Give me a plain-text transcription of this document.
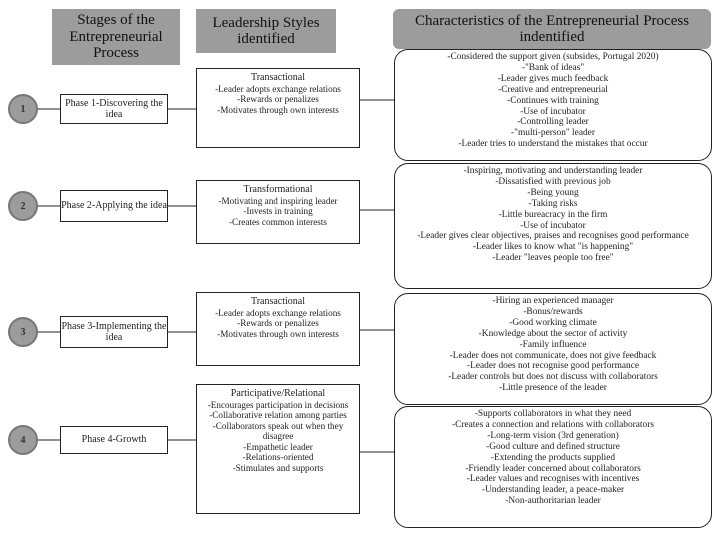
Stages of the Entrepreneurial Process
Leadership Styles identified
Characteristics of the Entrepreneurial Process indentified
1
Phase 1-Discovering the idea
Transactional
-Leader adopts exchange relations
-Rewards or penalizes
-Motivates through own interests
-Considered the support given (subsides, Portugal 2020)
-"Bank of ideas"
-Leader gives much feedback
-Creative and entrepreneurial
-Continues with training
-Use of incubator
-Controlling leader
-"multi-person" leader
-Leader tries to understand the mistakes that occur
2	Phase 2-Applying the idea
Transformational
-Motivating and inspiring leader
-Invests in training
-Creates common interests
-Inspiring, motivating and understanding leader
-Dissatisfied with previous job
-Being young
-Taking risks
-Little bureacracy in the firm
-Use of incubator
-Leader gives clear objectives, praises and recognises good performance
-Leader likes to know what "is happening"
-Leader "leaves people too free"
3
Phase 3-Implementing the idea
Transactional
-Leader adopts exchange relations
-Rewards or penalizes
-Motivates through own interests
-Hiring an experienced manager
-Bonus/rewards
-Good working climate
-Knowledge about the sector of activity
-Family influence
-Leader does not communicate, does not give feedback
-Leader does not recognise good performance
-Leader controls but does not discuss with collaborators
-Little presence of the leader
4	Phase 4-Growth
Participative/Relational
-Encourages participation in decisions
-Collaborative relation among parties
-Collaborators speak out when they disagree
-Empathetic leader
-Relations-oriented
-Stimulates and supports
-Supports collaborators in what they need
-Creates a connection and relations with collaborators
-Long-term vision (3rd generation)
-Good culture and defined structure
-Extending the products supplied
-Friendly leader concerned about collaborators
-Leader values and recognises with incentives
-Understanding leader, a peace-maker
-Non-authoritarian leader
